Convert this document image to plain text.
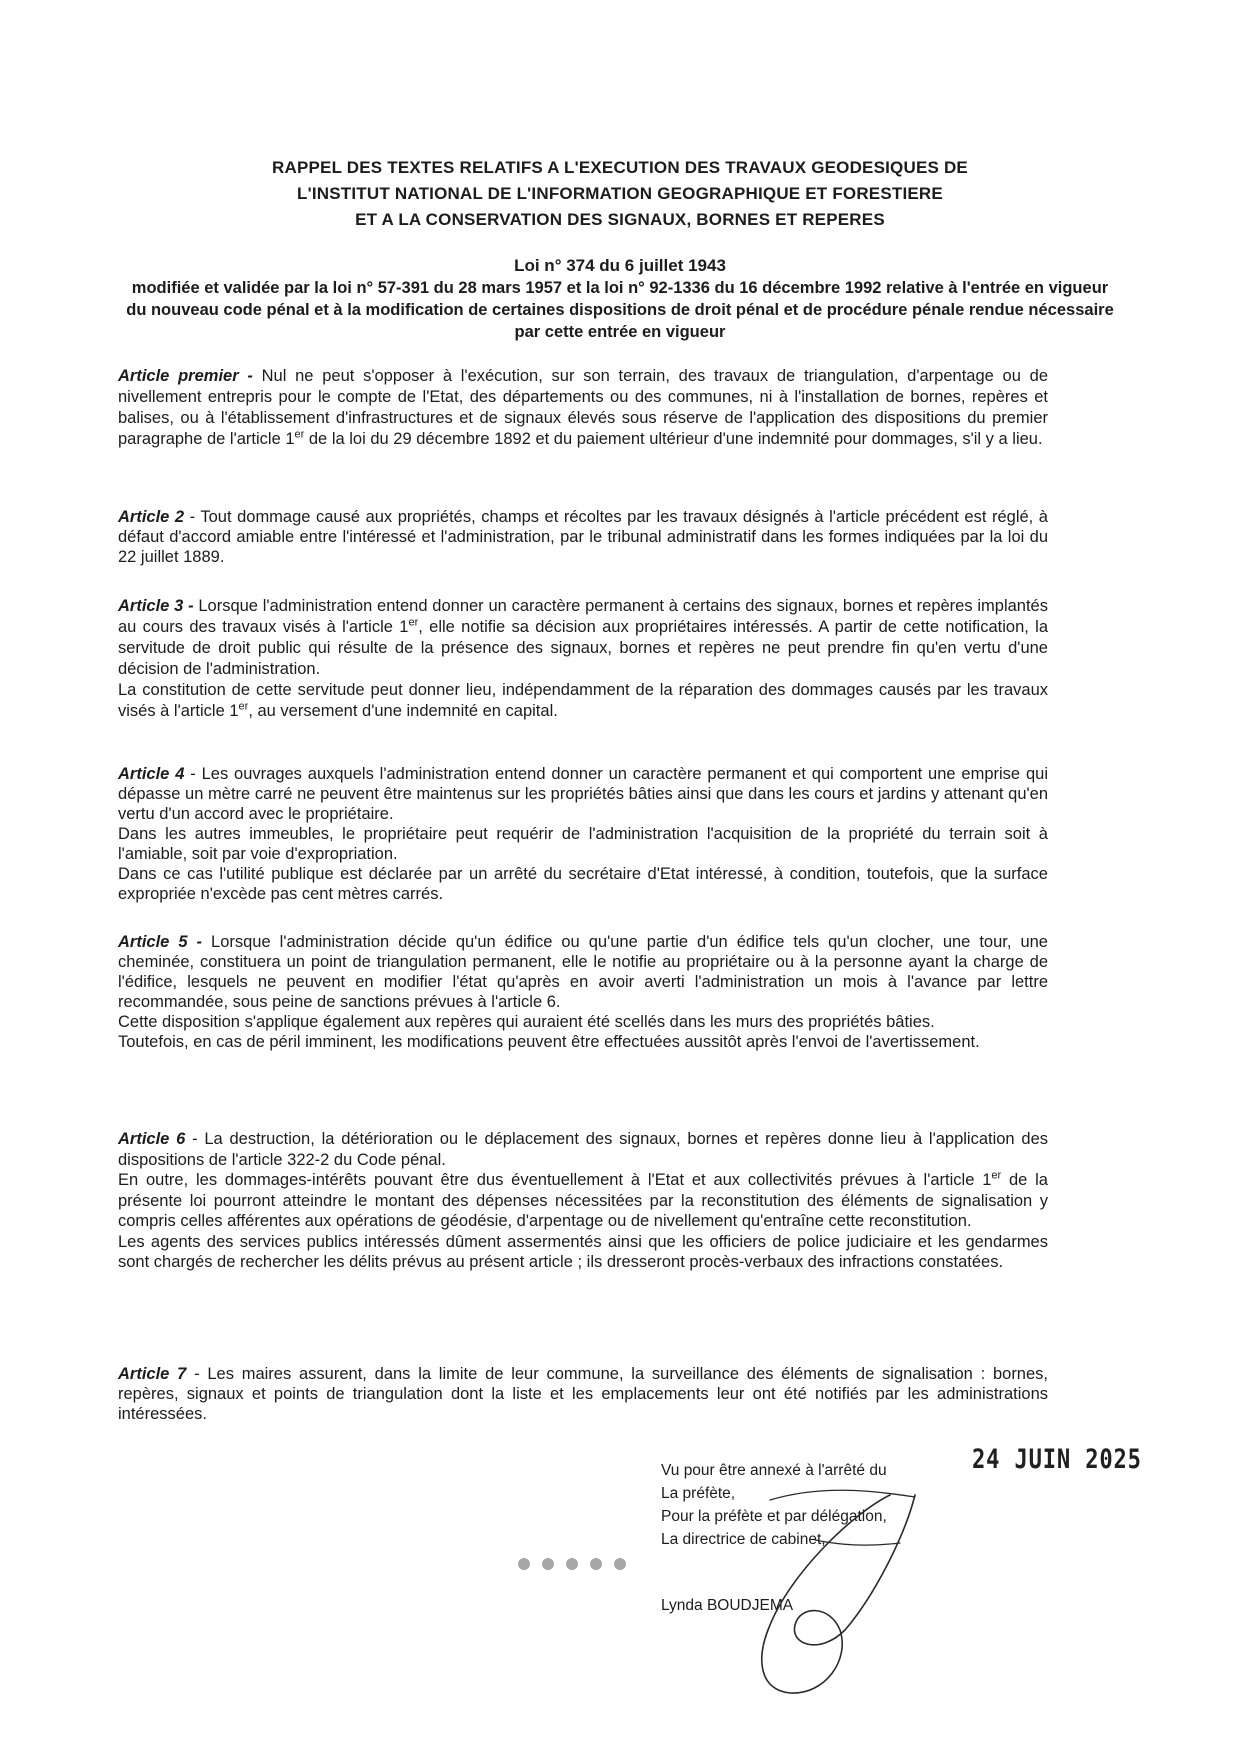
RAPPEL DES TEXTES RELATIFS A L'EXECUTION DES TRAVAUX GEODESIQUES DE
L'INSTITUT NATIONAL DE L'INFORMATION GEOGRAPHIQUE ET FORESTIERE
ET A LA CONSERVATION DES SIGNAUX, BORNES ET REPERES
Loi n° 374 du 6 juillet 1943
modifiée et validée par la loi n° 57-391 du 28 mars 1957 et la loi n° 92-1336 du 16 décembre 1992 relative à l'entrée en vigueur du nouveau code pénal et à la modification de certaines dispositions de droit pénal et de procédure pénale rendue nécessaire par cette entrée en vigueur

Article premier - Nul ne peut s'opposer à l'exécution, sur son terrain, des travaux de triangulation, d'arpentage ou de nivellement entrepris pour le compte de l'Etat, des départements ou des communes, ni à l'installation de bornes, repères et balises, ou à l'établissement d'infrastructures et de signaux élevés sous réserve de l'application des dispositions du premier paragraphe de l'article 1er de la loi du 29 décembre 1892 et du paiement ultérieur d'une indemnité pour dommages, s'il y a lieu.

Article 2 - Tout dommage causé aux propriétés, champs et récoltes par les travaux désignés à l'article précédent est réglé, à défaut d'accord amiable entre l'intéressé et l'administration, par le tribunal administratif dans les formes indiquées par la loi du 22 juillet 1889.

Article 3 - Lorsque l'administration entend donner un caractère permanent à certains des signaux, bornes et repères implantés au cours des travaux visés à l'article 1er, elle notifie sa décision aux propriétaires intéressés. A partir de cette notification, la servitude de droit public qui résulte de la présence des signaux, bornes et repères ne peut prendre fin qu'en vertu d'une décision de l'administration.

La constitution de cette servitude peut donner lieu, indépendamment de la réparation des dommages causés par les travaux visés à l'article 1er, au versement d'une indemnité en capital.

Article 4 - Les ouvrages auxquels l'administration entend donner un caractère permanent et qui comportent une emprise qui dépasse un mètre carré ne peuvent être maintenus sur les propriétés bâties ainsi que dans les cours et jardins y attenant qu'en vertu d'un accord avec le propriétaire.

Dans les autres immeubles, le propriétaire peut requérir de l'administration l'acquisition de la propriété du terrain soit à l'amiable, soit par voie d'expropriation.

Dans ce cas l'utilité publique est déclarée par un arrêté du secrétaire d'Etat intéressé, à condition, toutefois, que la surface expropriée n'excède pas cent mètres carrés.

Article 5 - Lorsque l'administration décide qu'un édifice ou qu'une partie d'un édifice tels qu'un clocher, une tour, une cheminée, constituera un point de triangulation permanent, elle le notifie au propriétaire ou à la personne ayant la charge de l'édifice, lesquels ne peuvent en modifier l'état qu'après en avoir averti l'administration un mois à l'avance par lettre recommandée, sous peine de sanctions prévues à l'article 6.

Cette disposition s'applique également aux repères qui auraient été scellés dans les murs des propriétés bâties.

Toutefois, en cas de péril imminent, les modifications peuvent être effectuées aussitôt après l'envoi de l'avertissement.

Article 6 - La destruction, la détérioration ou le déplacement des signaux, bornes et repères donne lieu à l'application des dispositions de l'article 322-2 du Code pénal.

En outre, les dommages-intérêts pouvant être dus éventuellement à l'Etat et aux collectivités prévues à l'article 1er de la présente loi pourront atteindre le montant des dépenses nécessitées par la reconstitution des éléments de signalisation y compris celles afférentes aux opérations de géodésie, d'arpentage ou de nivellement qu'entraîne cette reconstitution.

Les agents des services publics intéressés dûment assermentés ainsi que les officiers de police judiciaire et les gendarmes sont chargés de rechercher les délits prévus au présent article ; ils dresseront procès-verbaux des infractions constatées.

Article 7 - Les maires assurent, dans la limite de leur commune, la surveillance des éléments de signalisation : bornes, repères, signaux et points de triangulation dont la liste et les emplacements leur ont été notifiés par les administrations intéressées.

24 JUIN 2025

Vu pour être annexé à l'arrêté du

La préfète,

Pour la préfète et par délégation,

La directrice de cabinet,

Lynda BOUDJEMA
